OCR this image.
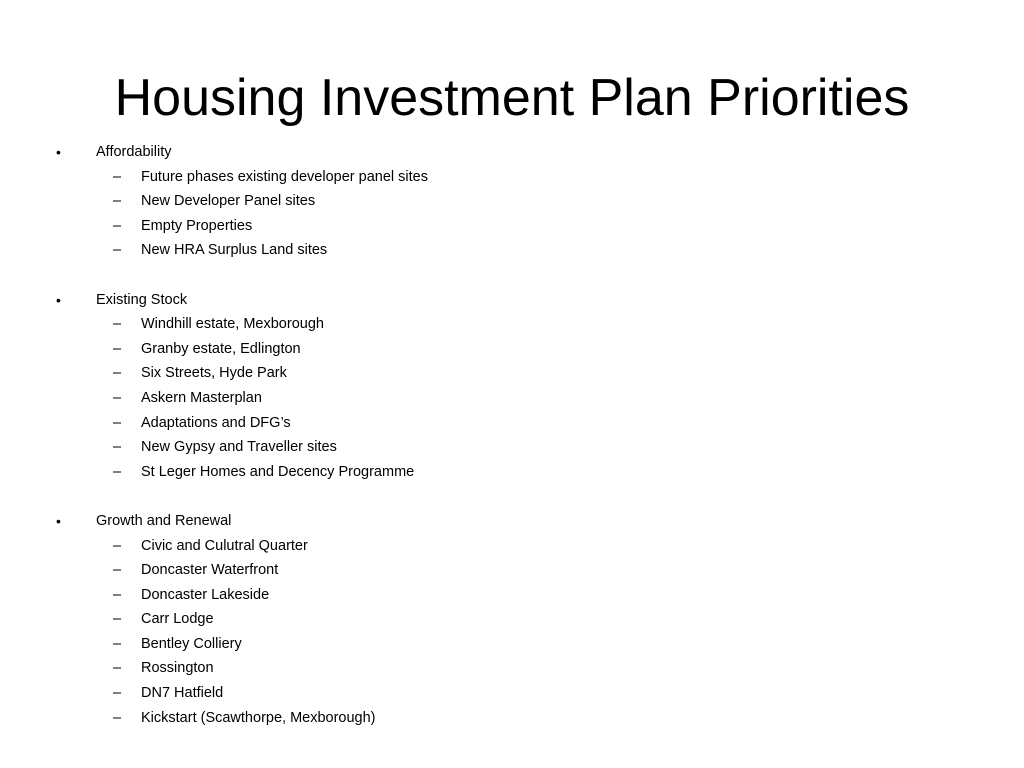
Housing Investment Plan Priorities
•	Affordability
–	Future phases existing developer panel sites
–	New Developer Panel sites
–	Empty Properties
–	New HRA Surplus Land sites
•	Existing Stock
–	Windhill estate, Mexborough
–	Granby estate, Edlington
–	Six Streets, Hyde Park
–	Askern Masterplan
–	Adaptations and DFG’s
–	New Gypsy and Traveller sites
–	St Leger Homes and Decency Programme
•	Growth and Renewal
–	Civic and Culutral Quarter
–	Doncaster Waterfront
–	Doncaster Lakeside
–	Carr Lodge
–	Bentley Colliery
–	Rossington
–	DN7 Hatfield
–	Kickstart (Scawthorpe, Mexborough)
